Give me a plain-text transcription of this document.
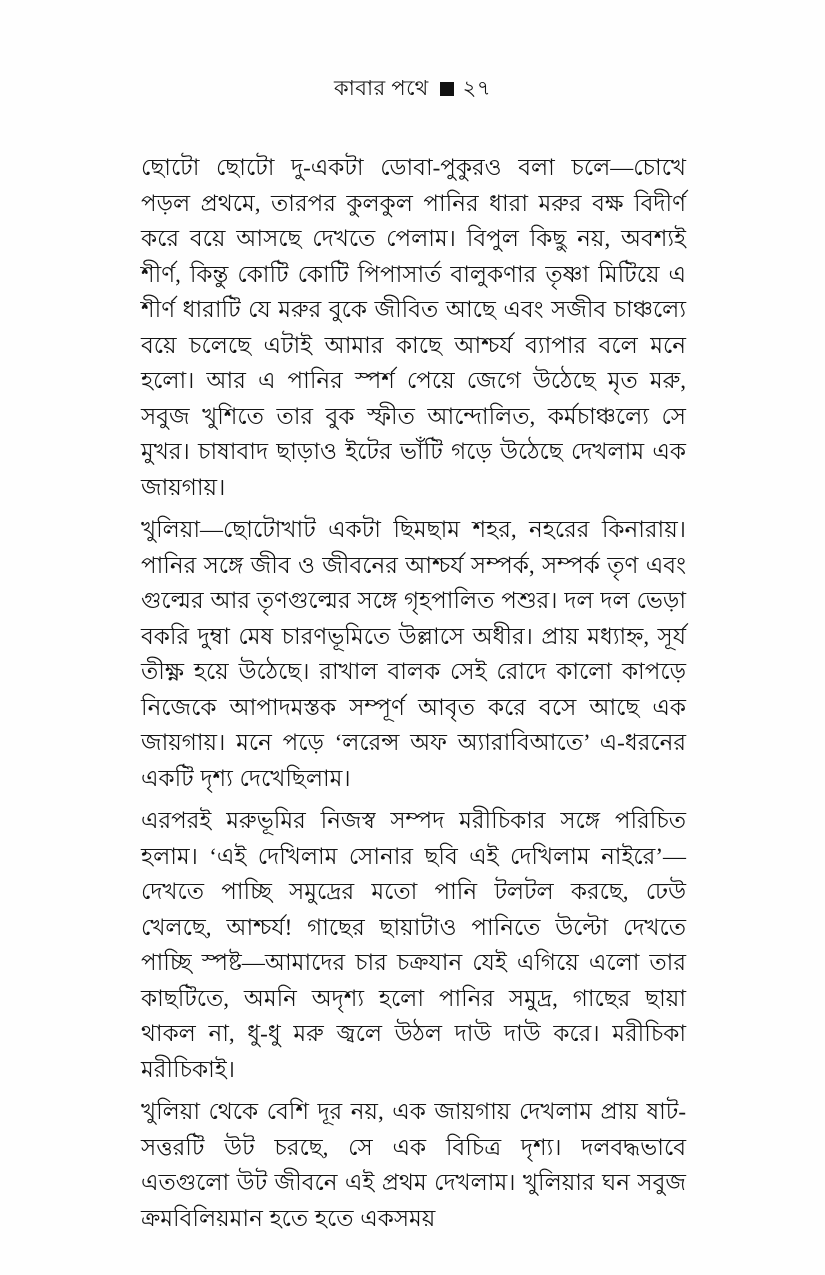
কাবার পথে ২৭

ছোটো ছোটো দু-একটা ডোবা-পুকুরও বলা চলে—চোখে পড়ল প্রথমে, তারপর কুলকুল পানির ধারা মরুর বক্ষ বিদীর্ণ করে বয়ে আসছে দেখতে পেলাম। বিপুল কিছু নয়, অবশ্যই শীর্ণ, কিন্তু কোটি কোটি পিপাসার্ত বালুকণার তৃষ্ণা মিটিয়ে এ শীর্ণ ধারাটি যে মরুর বুকে জীবিত আছে এবং সজীব চাঞ্চল্যে বয়ে চলেছে এটাই আমার কাছে আশ্চর্য ব্যাপার বলে মনে হলো। আর এ পানির স্পর্শ পেয়ে জেগে উঠেছে মৃত মরু, সবুজ খুশিতে তার বুক স্ফীত আন্দোলিত, কর্মচাঞ্চল্যে সে মুখর। চাষাবাদ ছাড়াও ইটের ভাঁটি গড়ে উঠেছে দেখলাম এক জায়গায়।

খুলিয়া—ছোটোখাট একটা ছিমছাম শহর, নহরের কিনারায়। পানির সঙ্গে জীব ও জীবনের আশ্চর্য সম্পর্ক, সম্পর্ক তৃণ এবং গুল্মের আর তৃণগুল্মের সঙ্গে গৃহপালিত পশুর। দল দল ভেড়া বকরি দুম্বা মেষ চারণভূমিতে উল্লাসে অধীর। প্রায় মধ্যাহ্ন, সূর্য তীক্ষ্ণ হয়ে উঠেছে। রাখাল বালক সেই রোদে কালো কাপড়ে নিজেকে আপাদমস্তক সম্পূর্ণ আবৃত করে বসে আছে এক জায়গায়। মনে পড়ে ‘লরেন্স অফ অ্যারাবিআতে’ এ-ধরনের একটি দৃশ্য দেখেছিলাম।

এরপরই মরুভূমির নিজস্ব সম্পদ মরীচিকার সঙ্গে পরিচিত হলাম। ‘এই দেখিলাম সোনার ছবি এই দেখিলাম নাইরে’—দেখতে পাচ্ছি সমুদ্রের মতো পানি টলটল করছে, ঢেউ খেলছে, আশ্চর্য! গাছের ছায়াটাও পানিতে উল্টো দেখতে পাচ্ছি স্পষ্ট—আমাদের চার চক্রযান যেই এগিয়ে এলো তার কাছটিতে, অমনি অদৃশ্য হলো পানির সমুদ্র, গাছের ছায়া থাকল না, ধু-ধু মরু জ্বলে উঠল দাউ দাউ করে। মরীচিকা মরীচিকাই।

খুলিয়া থেকে বেশি দূর নয়, এক জায়গায় দেখলাম প্রায় ষাট-সত্তরটি উট চরছে, সে এক বিচিত্র দৃশ্য। দলবদ্ধভাবে এতগুলো উট জীবনে এই প্রথম দেখলাম। খুলিয়ার ঘন সবুজ ক্রমবিলিয়মান হতে হতে একসময়
